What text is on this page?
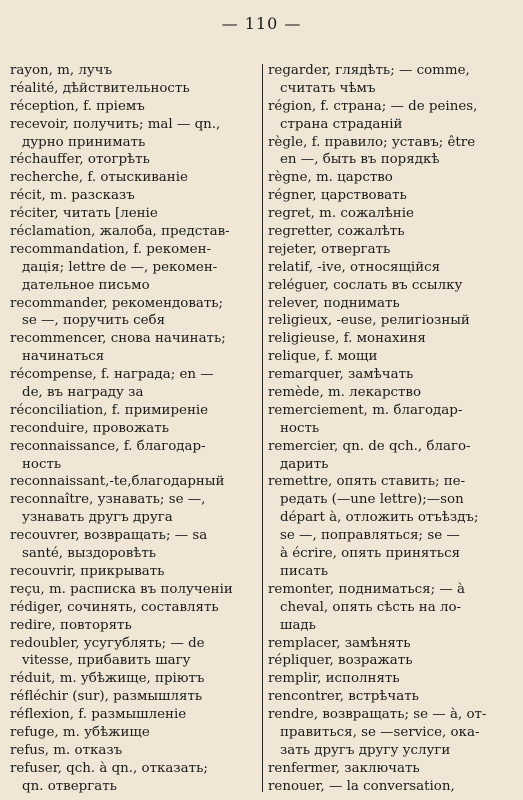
— 110 —
rayon, m, лучъ
réalité, дѣйствительность
réception, f. пріемъ
recevoir, получить; mal — qn.,
дурно принимать
réchauffer, отогрѣть
recherche, f. отыскиваніе
récit, m. разсказъ
réciter, читать [леніе
réclamation, жалоба, представ-
recommandation, f. рекомен-
дація; lettre de —, рекомен-
дательное письмо
recommander, рекомендовать;
se —, поручить себя
recommencer, снова начинать;
начинаться
récompense, f. награда; en —
de, въ награду за
réconciliation, f. примиреніе
reconduire, провожать
reconnaissance, f. благодар-
ность
reconnaissant,-te,благодарный
reconnaître, узнавать; se —,
узнавать другъ друга
recouvrer, возвращать; — sa
santé, выздоровѣть
recouvrir, прикрывать
reçu, m. расписка въ полученіи
rédiger, сочинять, составлять
redire, повторять
redoubler, усугублять; — de
vitesse, прибавить шагу
réduit, m. убѣжище, пріютъ
réfléchir (sur), размышлять
réflexion, f. размышленіе
refuge, m. убѣжище
refus, m. отказъ
refuser, qch. à qn., отказать;
qn. отвергать
regarder, глядѣть; — comme,
считать чѣмъ
région, f. страна; — de peines,
страна страданій
règle, f. правило; уставъ; être
en —, быть въ порядкѣ
règne, m. царство
régner, царствовать
regret, m. сожалѣніе
regretter, сожалѣть
rejeter, отвергать
relatif, -ive, относящійся
reléguer, сослать въ ссылку
relever, поднимать
religieux, -euse, религіозный
religieuse, f. монахиня
relique, f. мощи
remarquer, замѣчать
remède, m. лекарство
remerciement, m. благодар-
ность
remercier, qn. de qch., благо-
дарить
remettre, опять ставить; пе-
редать (—une lettre);—son
départ à, отложить отъѣздъ;
se —, поправляться; se —
à écrire, опять приняться
писать
remonter, подниматься; — à
cheval, опять сѣсть на ло-
шадь
remplacer, замѣнять
répliquer, возражать
remplir, исполнять
rencontrer, встрѣчать
rendre, возвращать; se — à, от-
правиться, se —service, ока-
зать другъ другу услуги
renfermer, заключать
renouer, — la conversation,
